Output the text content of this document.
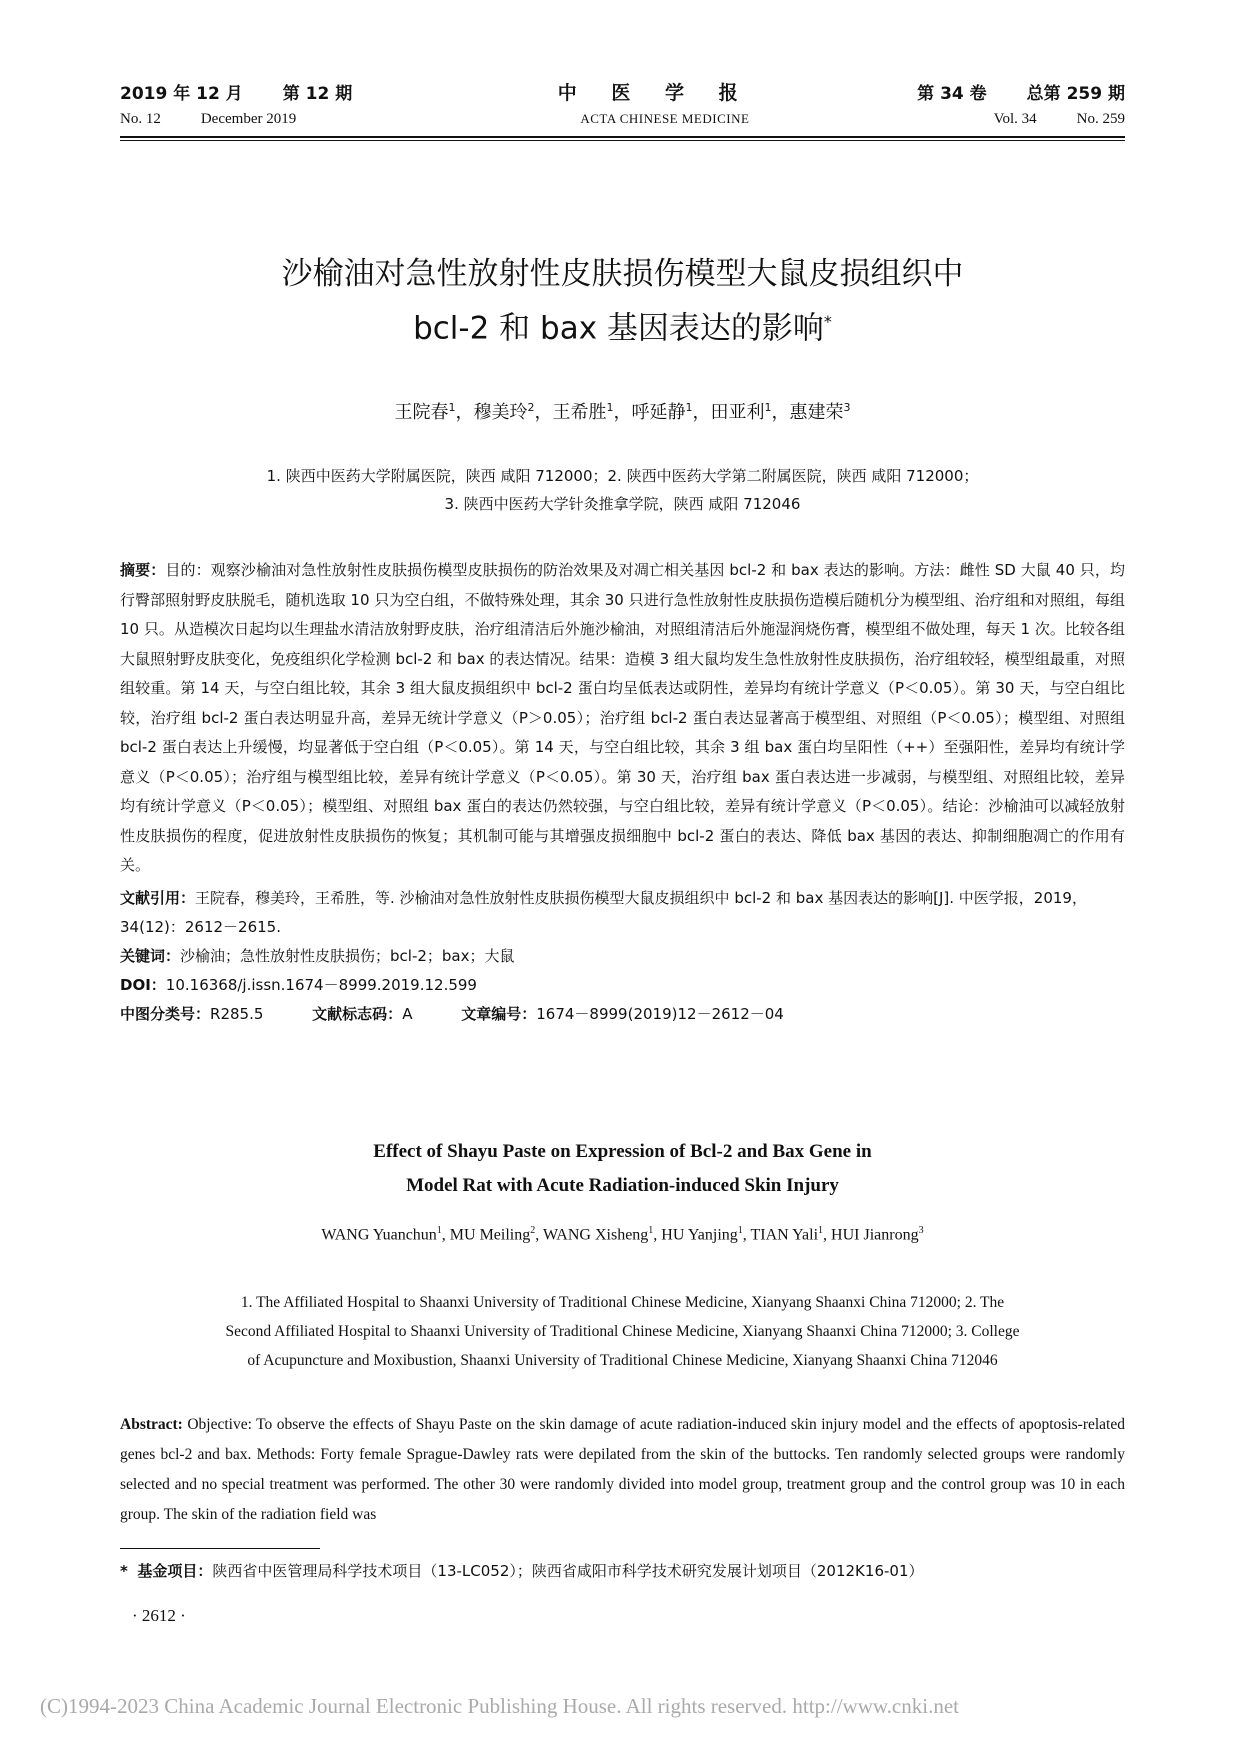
2019 年 12 月 第 12 期	中 医 学 报	第 34 卷 总第 259 期
No. 12	December 2019	ACTA CHINESE MEDICINE	Vol. 34	No. 259
沙榆油对急性放射性皮肤损伤模型大鼠皮损组织中
bcl-2 和 bax 基因表达的影响*
王院春$^1$，穆美玲$^2$，王希胜$^1$，呼延静$^1$，田亚利$^1$，惠建荣$^3$
1. 陕西中医药大学附属医院，陕西 咸阳 712000；2. 陕西中医药大学第二附属医院，陕西 咸阳 712000；
3. 陕西中医药大学针灸推拿学院，陕西 咸阳 712046
摘要：目的：观察沙榆油对急性放射性皮肤损伤模型皮肤损伤的防治效果及对凋亡相关基因 bcl-2 和 bax 表达的影响。方法：雌性 SD 大鼠 40 只，均行臀部照射野皮肤脱毛，随机选取 10 只为空白组，不做特殊处理，其余 30 只进行急性放射性皮肤损伤造模后随机分为模型组、治疗组和对照组，每组 10 只。从造模次日起均以生理盐水清洁放射野皮肤，治疗组清洁后外施沙榆油，对照组清洁后外施湿润烧伤膏，模型组不做处理，每天 1 次。比较各组大鼠照射野皮肤变化，免疫组织化学检测 bcl-2 和 bax 的表达情况。结果：造模 3 组大鼠均发生急性放射性皮肤损伤，治疗组较轻，模型组最重，对照组较重。第 14 天，与空白组比较，其余 3 组大鼠皮损组织中 bcl-2 蛋白均呈低表达或阴性，差异均有统计学意义（P＜0.05）。第 30 天，与空白组比较，治疗组 bcl-2 蛋白表达明显升高，差异无统计学意义（P＞0.05）；治疗组 bcl-2 蛋白表达显著高于模型组、对照组（P＜0.05）；模型组、对照组 bcl-2 蛋白表达上升缓慢，均显著低于空白组（P＜0.05）。第 14 天，与空白组比较，其余 3 组 bax 蛋白均呈阳性（++）至强阳性，差异均有统计学意义（P＜0.05）；治疗组与模型组比较，差异有统计学意义（P＜0.05）。第 30 天，治疗组 bax 蛋白表达进一步减弱，与模型组、对照组比较，差异均有统计学意义（P＜0.05）；模型组、对照组 bax 蛋白的表达仍然较强，与空白组比较，差异有统计学意义（P＜0.05）。结论：沙榆油可以减轻放射性皮肤损伤的程度，促进放射性皮肤损伤的恢复；其机制可能与其增强皮损细胞中 bcl-2 蛋白的表达、降低 bax 基因的表达、抑制细胞凋亡的作用有关。

文献引用：王院春，穆美玲，王希胜，等. 沙榆油对急性放射性皮肤损伤模型大鼠皮损组织中 bcl-2 和 bax 基因表达的影响[J]. 中医学报，2019，34(12)：2612－2615.

关键词：沙榆油；急性放射性皮肤损伤；bcl-2；bax；大鼠

DOI：10.16368/j.issn.1674－8999.2019.12.599

中图分类号：R285.5	文献标志码：A	文章编号：1674－8999(2019)12－2612－04

Effect of Shayu Paste on Expression of Bcl-2 and Bax Gene in
Model Rat with Acute Radiation-induced Skin Injury
WANG Yuanchun$^1$, MU Meiling$^2$, WANG Xisheng$^1$, HU Yanjing$^1$, TIAN Yali$^1$, HUI Jianrong$^3$
1. The Affiliated Hospital to Shaanxi University of Traditional Chinese Medicine, Xianyang Shaanxi China 712000; 2. The
Second Affiliated Hospital to Shaanxi University of Traditional Chinese Medicine, Xianyang Shaanxi China 712000; 3. College
of Acupuncture and Moxibustion, Shaanxi University of Traditional Chinese Medicine, Xianyang Shaanxi China 712046
Abstract: Objective: To observe the effects of Shayu Paste on the skin damage of acute radiation-induced skin injury model and the effects of apoptosis-related genes bcl-2 and bax. Methods: Forty female Sprague-Dawley rats were depilated from the skin of the buttocks. Ten randomly selected groups were randomly selected and no special treatment was performed. The other 30 were randomly divided into model group, treatment group and the control group was 10 in each group. The skin of the radiation field was
* 基金项目：陕西省中医管理局科学技术项目（13-LC052）；陕西省咸阳市科学技术研究发展计划项目（2012K16-01）
· 2612 ·
(C)1994-2023 China Academic Journal Electronic Publishing House. All rights reserved. http://www.cnki.net
